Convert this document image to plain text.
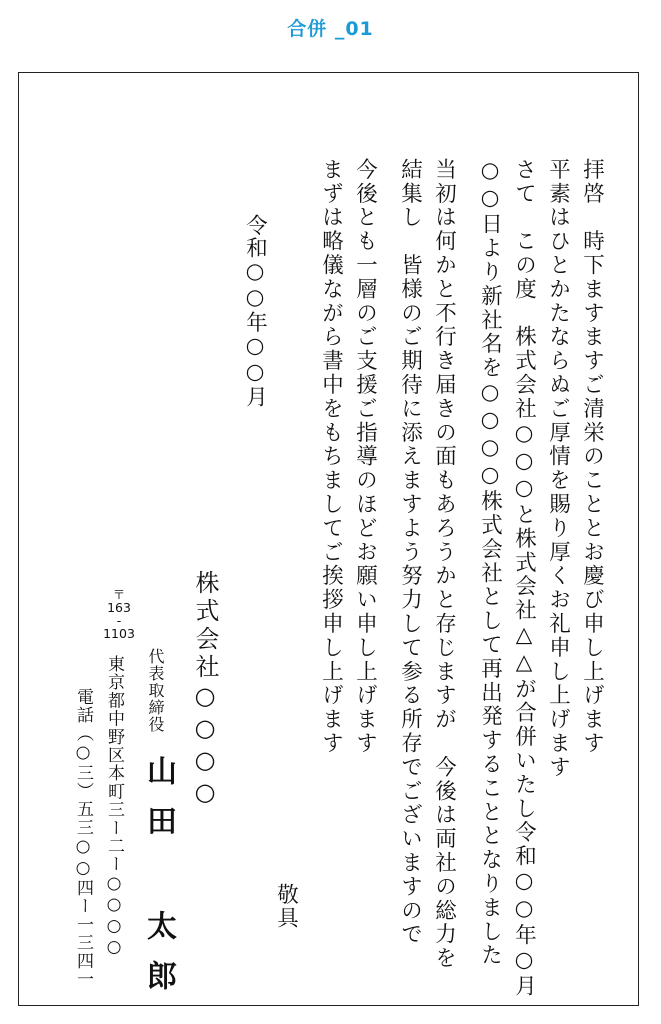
合併 _01
拝啓　時下ますますご清栄のこととお慶び申し上げます
平素はひとかたならぬご厚情を賜り厚くお礼申し上げます
さて　この度　株式会社○○○と株式会社△△が合併いたし令和○○年○月
○○日より新社名を○○○○株式会社として再出発することとなりました
当初は何かと不行き届きの面もあろうかと存じますが　今後は両社の総力を
結集し　皆様のご期待に添えますよう努力して参る所存でございますので
今後とも一層のご支援ご指導のほどお願い申し上げます
まずは略儀ながら書中をもちましてご挨拶申し上げます
敬具
令和○○年○○月
株式会社○○○○
〒
163
-
1103
代表取締役
山田 太郎
東京都中野区本町三ー二ー○○○○
電話（○三）五三○○四ー一三四一
